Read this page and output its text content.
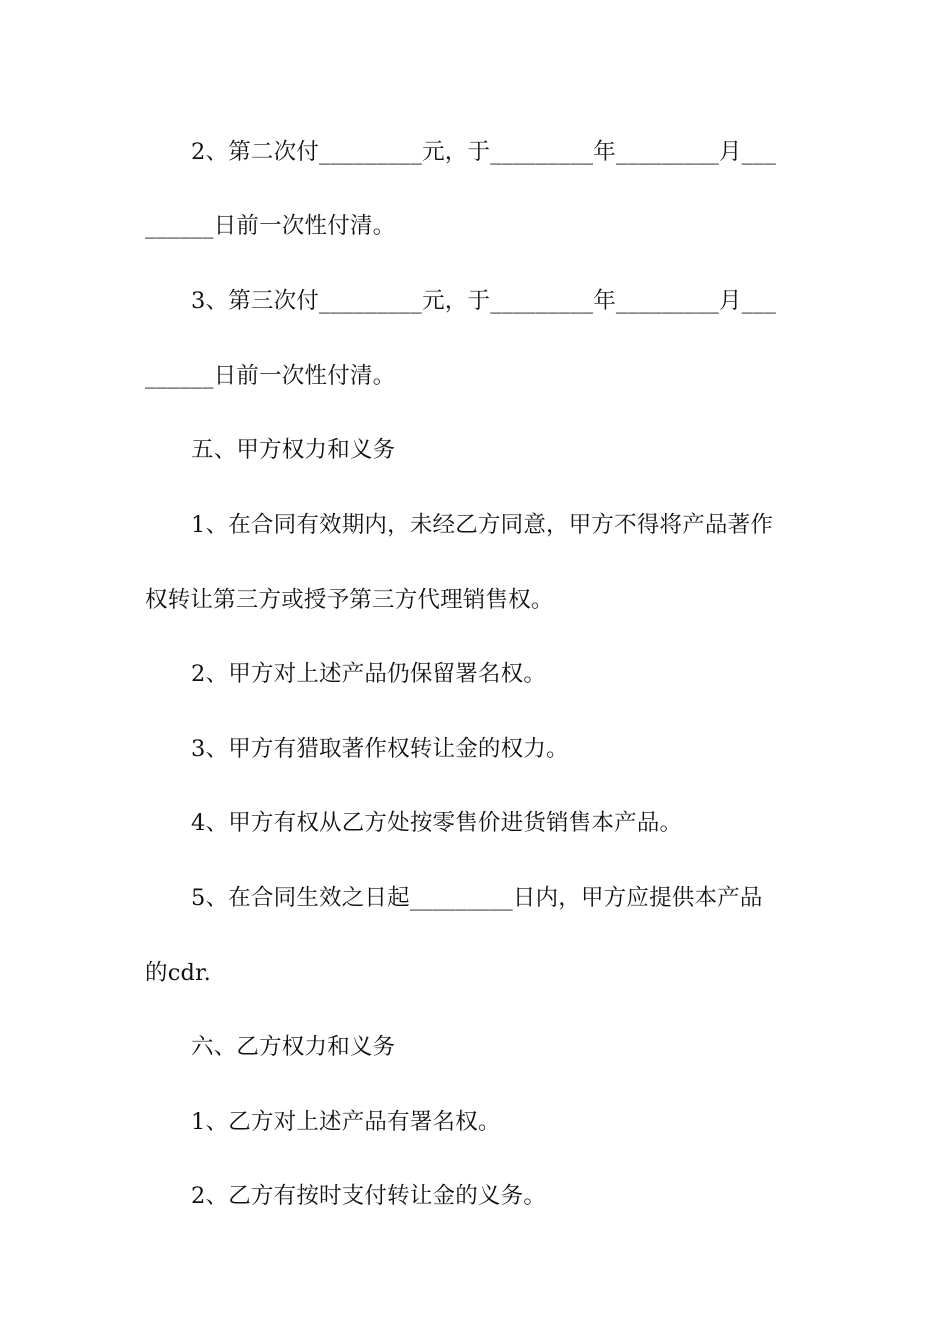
2、第二次付_________元，于_________年_________月___
______日前一次性付清。
3、第三次付_________元，于_________年_________月___
______日前一次性付清。
五、甲方权力和义务
1、在合同有效期内，未经乙方同意，甲方不得将产品著作
权转让第三方或授予第三方代理销售权。
2、甲方对上述产品仍保留署名权。
3、甲方有猎取著作权转让金的权力。
4、甲方有权从乙方处按零售价进货销售本产品。
5、在合同生效之日起_________日内，甲方应提供本产品
的cdr.
六、乙方权力和义务
1、乙方对上述产品有署名权。
2、乙方有按时支付转让金的义务。
